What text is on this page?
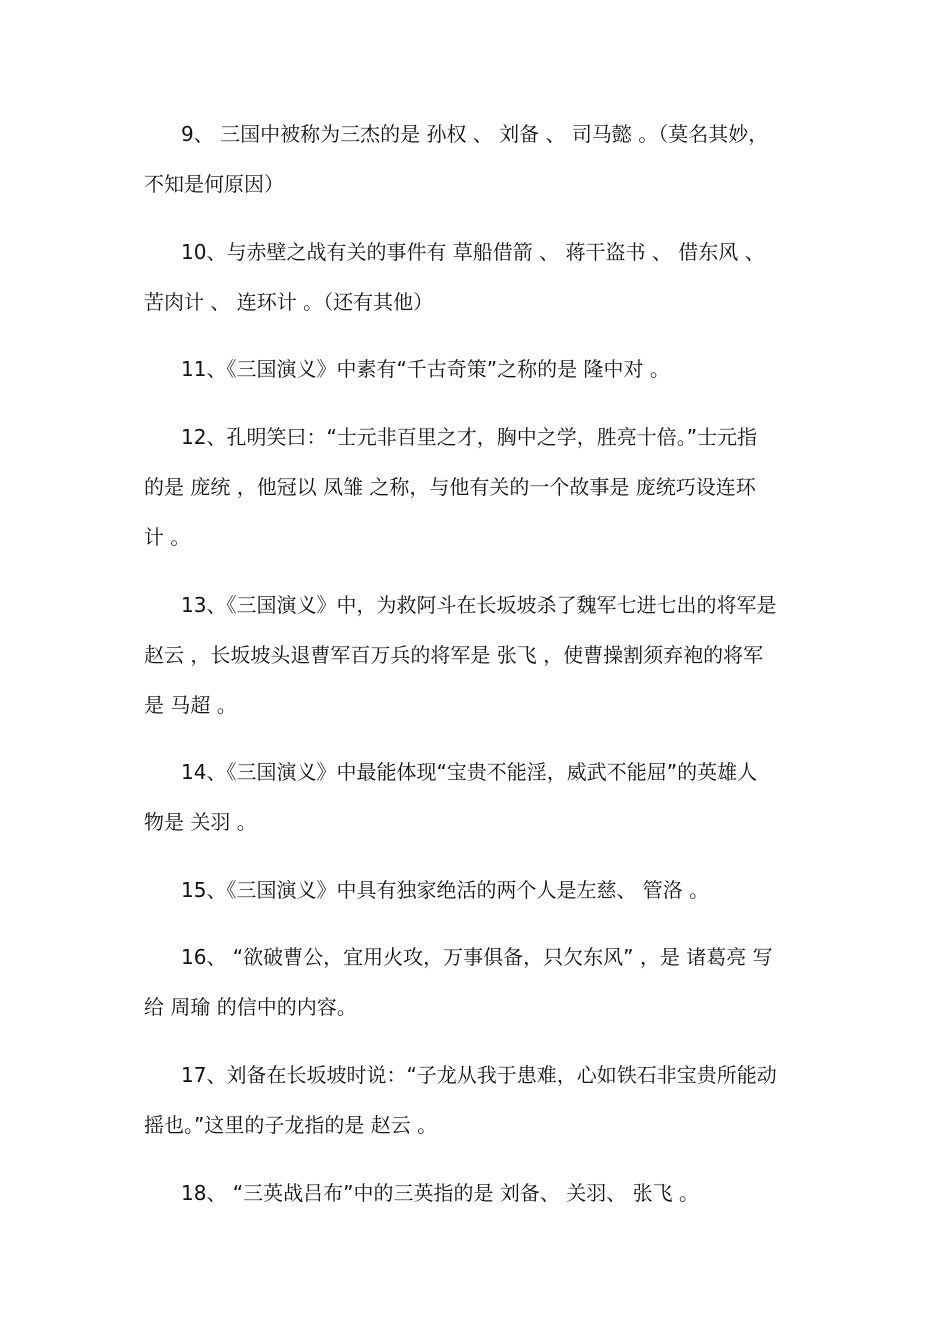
9、 三国中被称为三杰的是 孙权 、 刘备 、 司马懿 。（莫名其妙，
不知是何原因）
10、与赤壁之战有关的事件有 草船借箭 、 蒋干盗书 、 借东风 、
苦肉计 、 连环计 。（还有其他）
11、《三国演义》中素有“千古奇策”之称的是 隆中对 。
12、孔明笑曰：“士元非百里之才，胸中之学，胜亮十倍。”士元指
的是 庞统 ，他冠以 凤雏 之称，与他有关的一个故事是 庞统巧设连环
计 。
13、《三国演义》中，为救阿斗在长坂坡杀了魏军七进七出的将军是
赵云 ，长坂坡头退曹军百万兵的将军是 张飞 ，使曹操割须弃袍的将军
是 马超 。
14、《三国演义》中最能体现“宝贵不能淫，威武不能屈”的英雄人
物是 关羽 。
15、《三国演义》中具有独家绝活的两个人是左慈、 管洛 。
16、 “欲破曹公，宜用火攻，万事俱备，只欠东风” ，是 诸葛亮 写
给 周瑜 的信中的内容。
17、刘备在长坂坡时说：“子龙从我于患难，心如铁石非宝贵所能动
摇也。”这里的子龙指的是 赵云 。
18、 “三英战吕布”中的三英指的是 刘备、 关羽、 张飞 。
